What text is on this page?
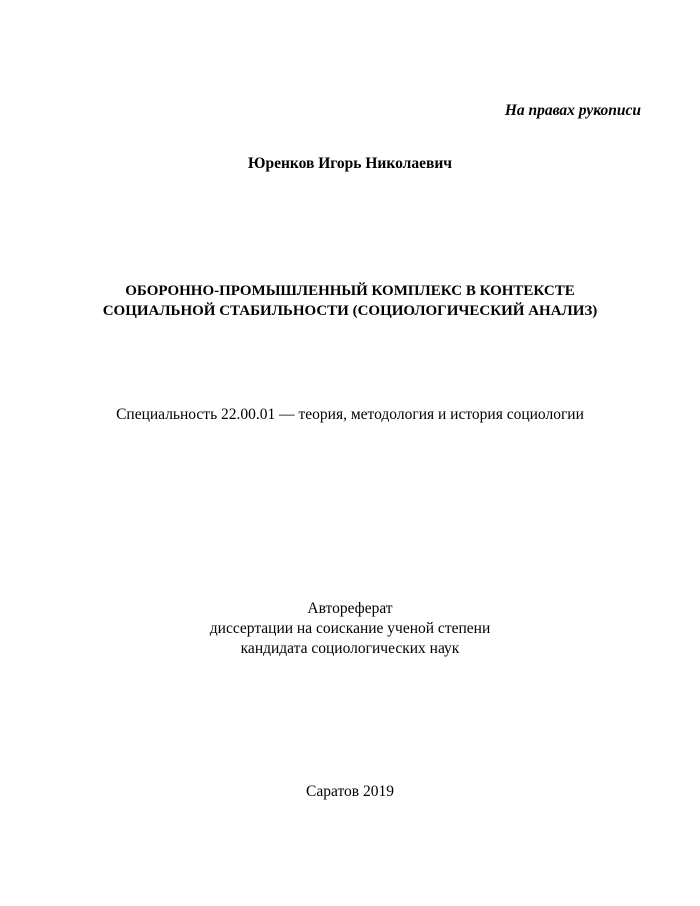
На правах рукописи
Юренков Игорь Николаевич
ОБОРОННО-ПРОМЫШЛЕННЫЙ КОМПЛЕКС В КОНТЕКСТЕ
СОЦИАЛЬНОЙ СТАБИЛЬНОСТИ (СОЦИОЛОГИЧЕСКИЙ АНАЛИЗ)
Специальность 22.00.01 — теория, методология и история социологии
Автореферат
диссертации на соискание ученой степени
кандидата социологических наук
Саратов 2019
